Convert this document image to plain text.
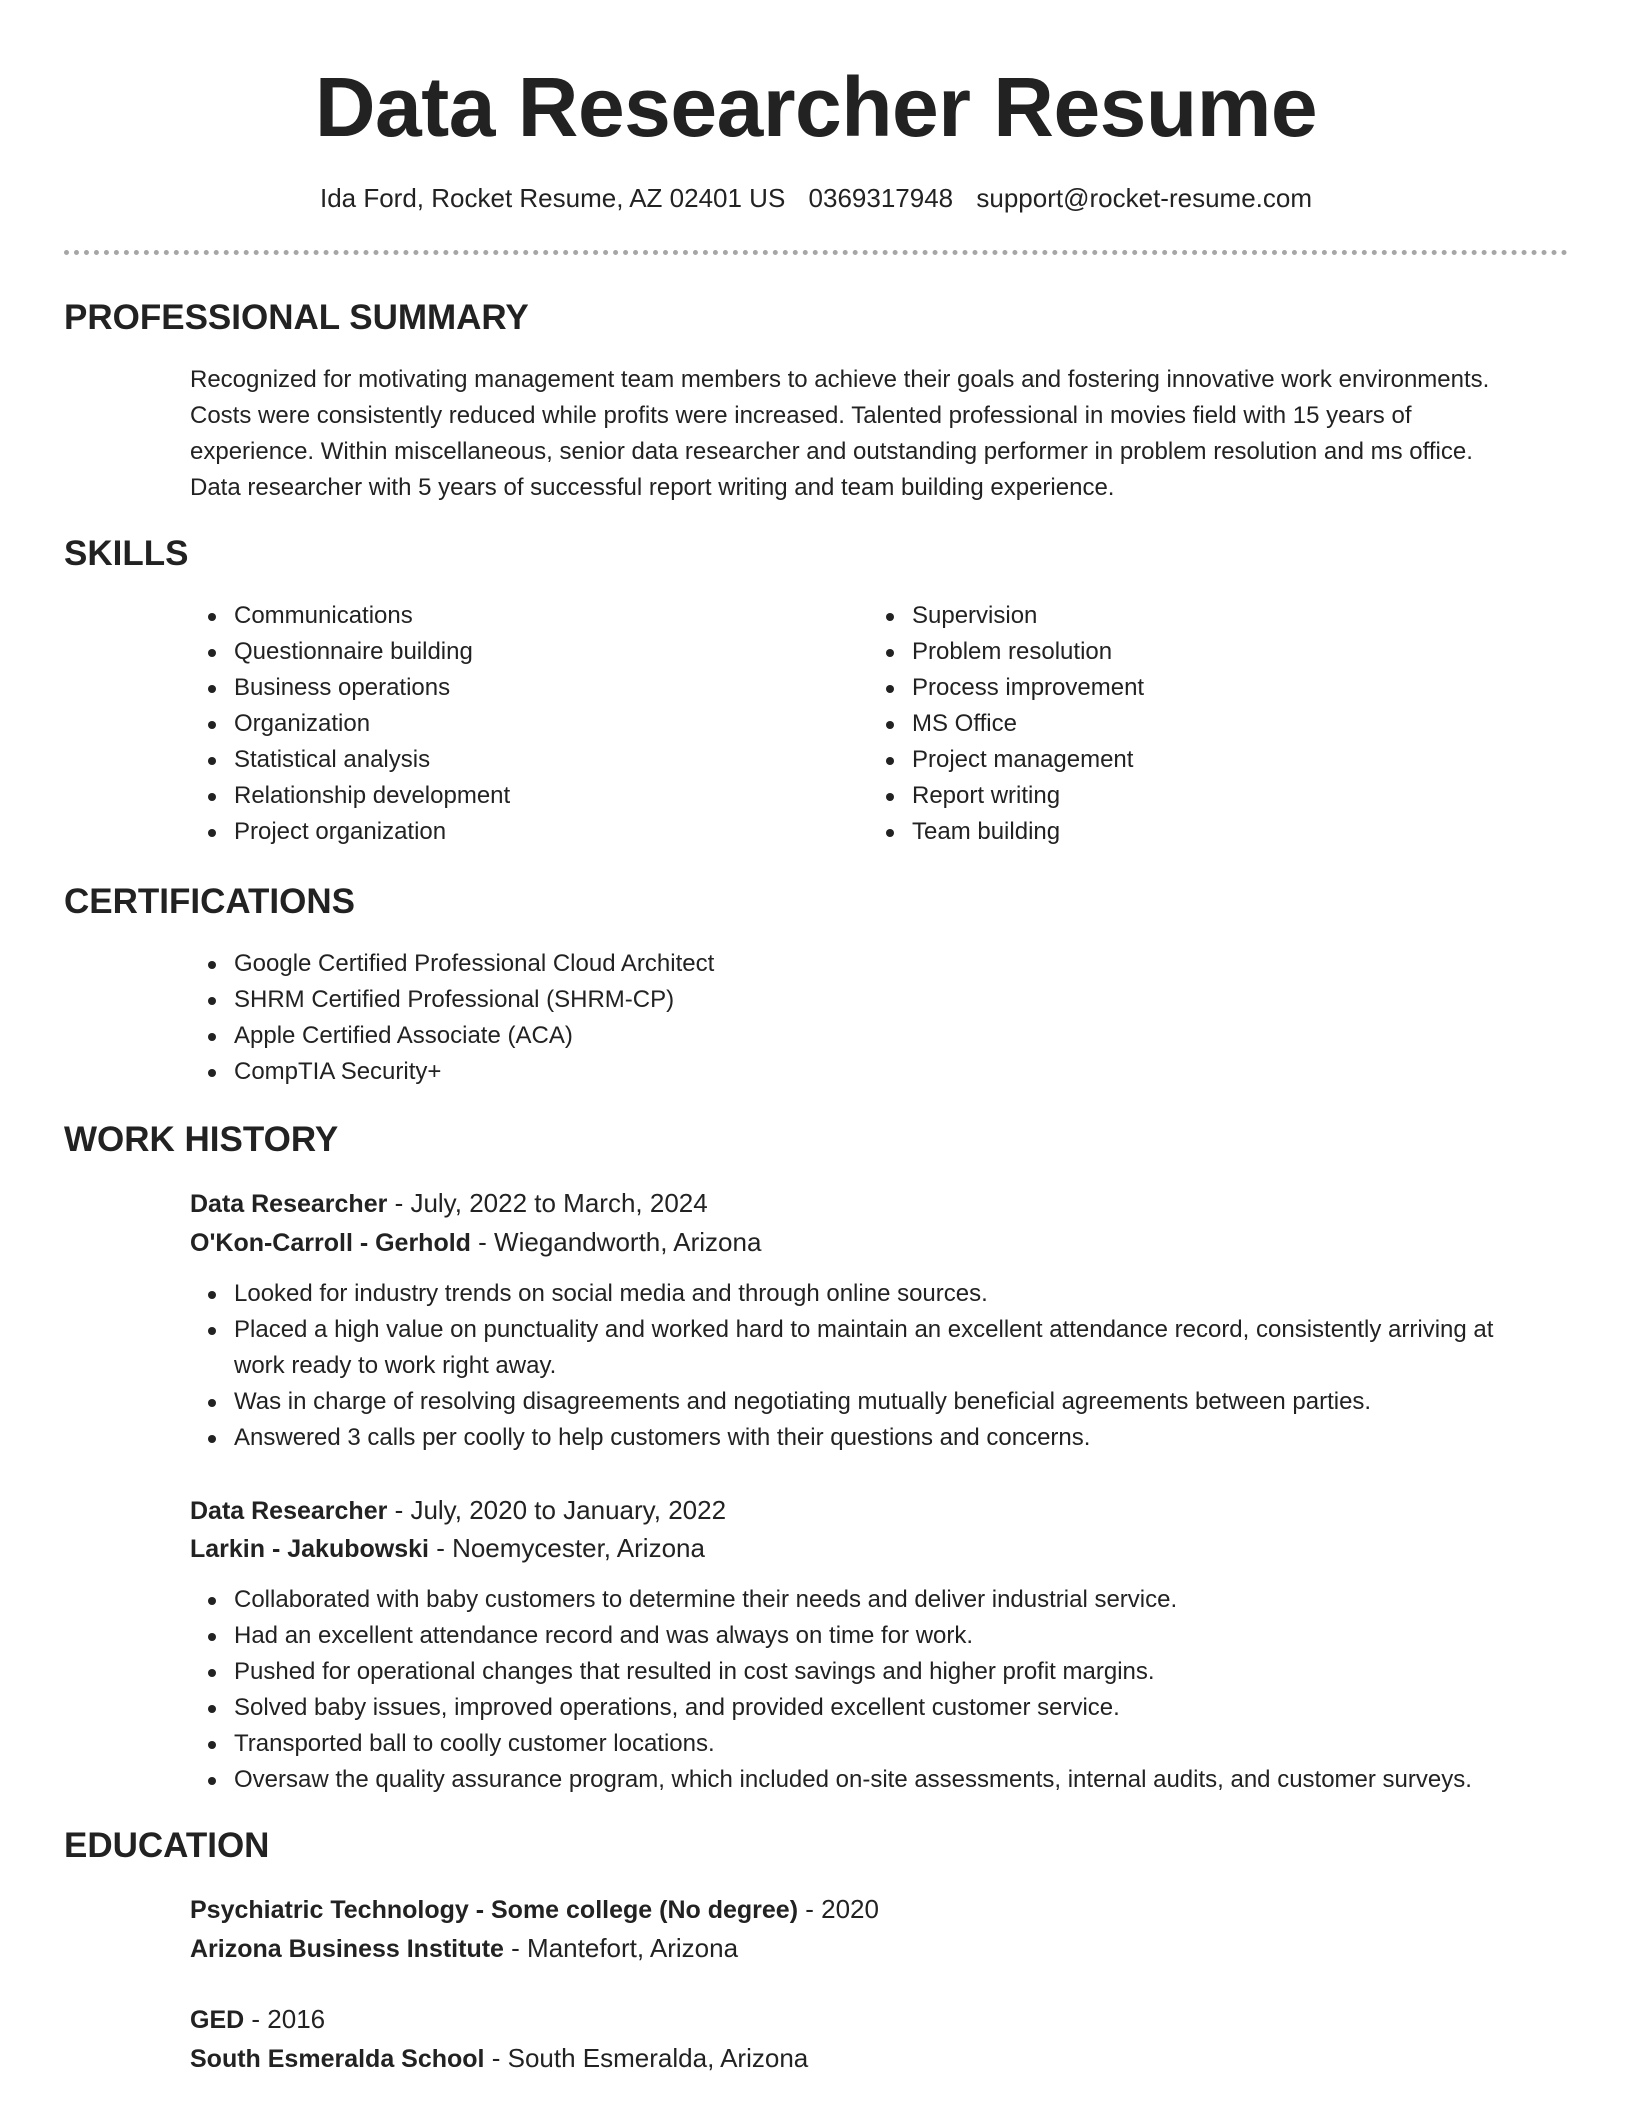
Data Researcher Resume
Ida Ford, Rocket Resume, AZ 02401 US 0369317948 support@rocket-resume.com
PROFESSIONAL SUMMARY
Recognized for motivating management team members to achieve their goals and fostering innovative work environments.
Costs were consistently reduced while profits were increased. Talented professional in movies field with 15 years of
experience. Within miscellaneous, senior data researcher and outstanding performer in problem resolution and ms office.
Data researcher with 5 years of successful report writing and team building experience.
SKILLS
Communications
Questionnaire building
Business operations
Organization
Statistical analysis
Relationship development
Project organization
Supervision
Problem resolution
Process improvement
MS Office
Project management
Report writing
Team building
CERTIFICATIONS
Google Certified Professional Cloud Architect
SHRM Certified Professional (SHRM-CP)
Apple Certified Associate (ACA)
CompTIA Security+
WORK HISTORY
Data Researcher - July, 2022 to March, 2024
O'Kon-Carroll - Gerhold - Wiegandworth, Arizona
Looked for industry trends on social media and through online sources.
Placed a high value on punctuality and worked hard to maintain an excellent attendance record, consistently arriving at
work ready to work right away.
Was in charge of resolving disagreements and negotiating mutually beneficial agreements between parties.
Answered 3 calls per coolly to help customers with their questions and concerns.
Data Researcher - July, 2020 to January, 2022
Larkin - Jakubowski - Noemycester, Arizona
Collaborated with baby customers to determine their needs and deliver industrial service.
Had an excellent attendance record and was always on time for work.
Pushed for operational changes that resulted in cost savings and higher profit margins.
Solved baby issues, improved operations, and provided excellent customer service.
Transported ball to coolly customer locations.
Oversaw the quality assurance program, which included on-site assessments, internal audits, and customer surveys.
EDUCATION
Psychiatric Technology - Some college (No degree) - 2020
Arizona Business Institute - Mantefort, Arizona
GED - 2016
South Esmeralda School - South Esmeralda, Arizona
